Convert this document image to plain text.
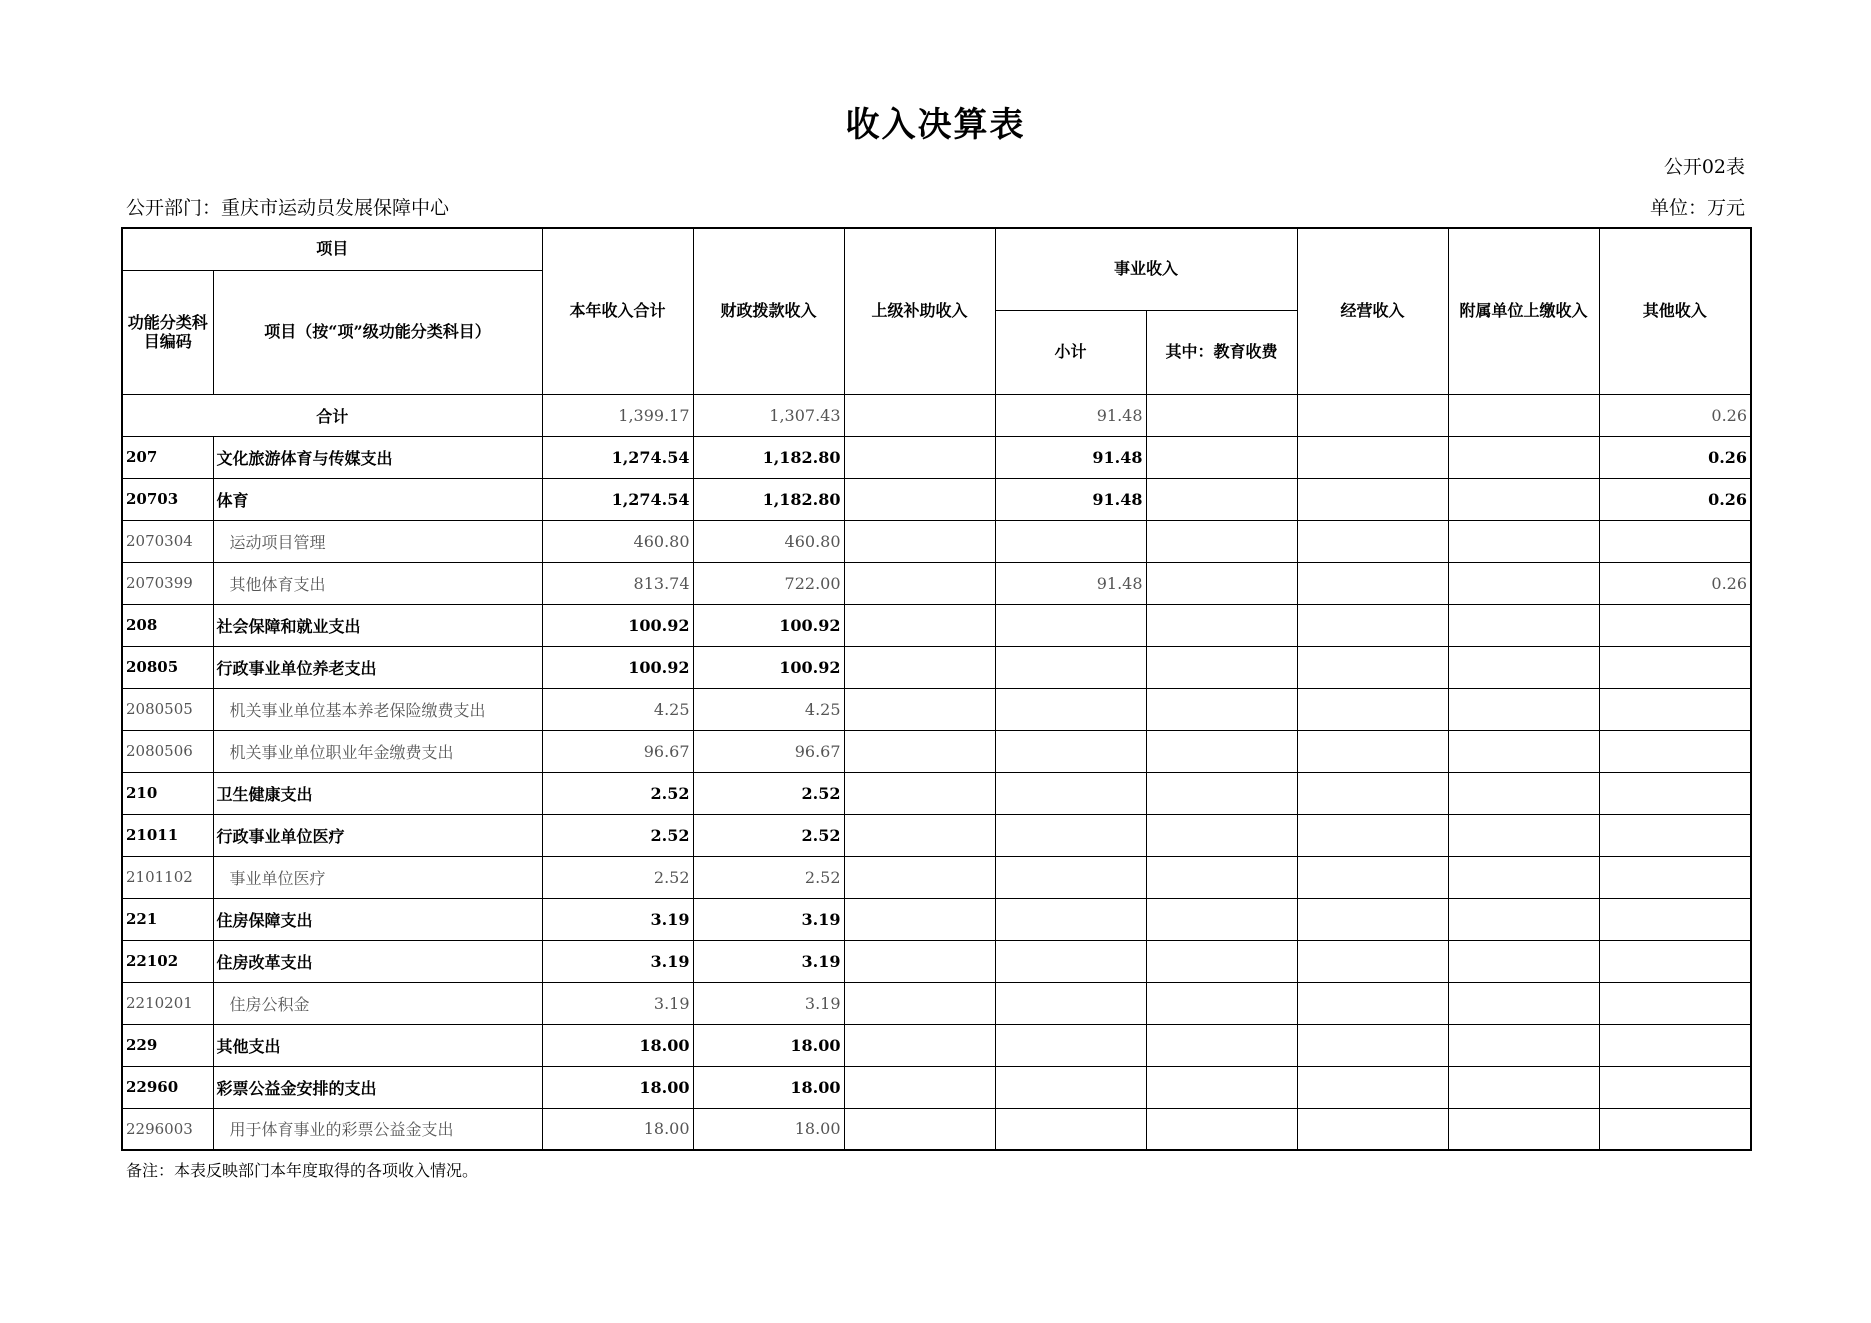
收入决算表
公开02表
公开部门：重庆市运动员发展保障中心	单位：万元
项目		本年收入合计	财政拨款收入	上级补助收入	事业收入		经营收入	附属单位上缴收入	其他收入
功能分类科目编码	项目（按“项”级功能分类科目）								
					小计	其中：教育收费			
合计		1,399.17	1,307.43		91.48				0.26
207	文化旅游体育与传媒支出	1,274.54	1,182.80		91.48				0.26
20703	体育	1,274.54	1,182.80		91.48				0.26
2070304	运动项目管理	460.80	460.80						
2070399	其他体育支出	813.74	722.00		91.48				0.26
208	社会保障和就业支出	100.92	100.92						
20805	行政事业单位养老支出	100.92	100.92						
2080505	机关事业单位基本养老保险缴费支出	4.25	4.25						
2080506	机关事业单位职业年金缴费支出	96.67	96.67						
210	卫生健康支出	2.52	2.52						
21011	行政事业单位医疗	2.52	2.52						
2101102	事业单位医疗	2.52	2.52						
221	住房保障支出	3.19	3.19						
22102	住房改革支出	3.19	3.19						
2210201	住房公积金	3.19	3.19						
229	其他支出	18.00	18.00						
22960	彩票公益金安排的支出	18.00	18.00						
2296003	用于体育事业的彩票公益金支出	18.00	18.00						
备注：本表反映部门本年度取得的各项收入情况。
